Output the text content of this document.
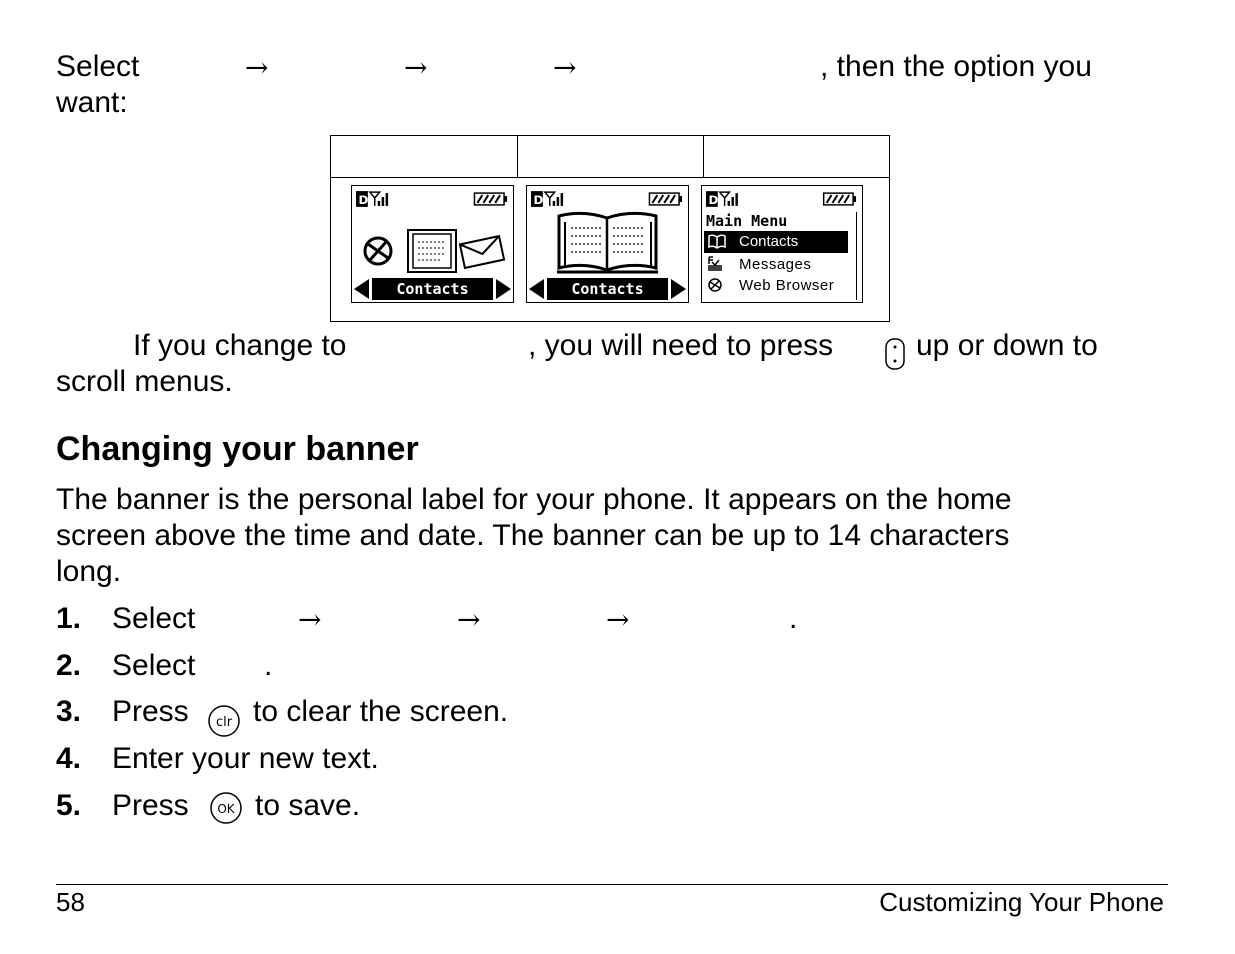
Select	→	→	→	, then the option you
want:
D
Contacts
D
Contacts
D
Main Menu
Contacts
Messages
Web Browser
If you change to	, you will need to press	up or down to
scroll menus.
Changing your banner
The banner is the personal label for your phone. It appears on the home
screen above the time and date. The banner can be up to 14 characters
long.
1. Select	→	→	→	.
2. Select .
3. Press clr to clear the screen.
4. Enter your new text.
5. Press OK to save.
58	Customizing Your Phone
